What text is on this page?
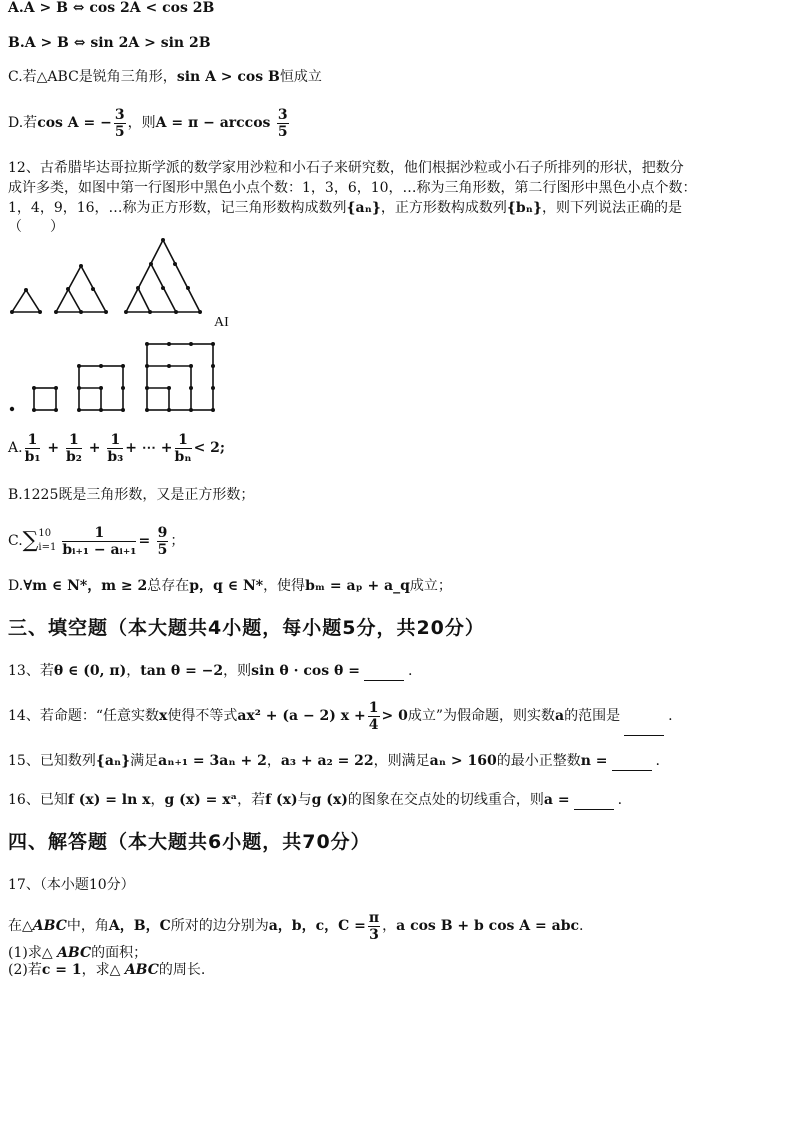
A.A > B ⇔ cos 2A < cos 2B
B.A > B ⇔ sin 2A > sin 2B
C.若△ABC是锐角三角形，sin A > cos B恒成立
D.若cos A = − $\frac{3}{5}$ ，则$A = \pi - \arccos \frac{3}{5}$
12、古希腊毕达哥拉斯学派的数学家用沙粒和小石子来研究数，他们根据沙粒或小石子所排列的形状，把数分
成许多类，如图中第一行图形中黑色小点个数：1，3，6，10，…称为三角形数，第二行图形中黑色小点个数：
1，4，9，16，…称为正方形数，记三角形数构成数列{aₙ}，正方形数构成数列{bₙ}，则下列说法正确的是
（　　）
AI
A. $\frac{1}{\text{b₁}} + \frac{1}{\text{b₂}} + \frac{1}{\text{b₃}}$ + ⋯ + $\frac{1}{\text{bₙ}} < 2$;
B.1225既是三角形数，又是正方形数；
C.∑ 10
$i=1 \frac{1}{\text{bᵢ₊₁ − aᵢ₊₁}} = \frac{9}{5}$ ；
D.∀m ∈ N*，m ≥ 2总存在p，q ∈ N*，使得bₘ = aₚ + a_q成立；
三、填空题（本大题共4小题，每小题5分，共20分）
13、若θ ∈ (0, π)，tan θ = −2，则sin θ · cos θ =	.
14、若命题：“任意实数x使得不等式ax² + (a − 2) $x + \frac{1}{4} > 0$成立”为假命题，则实数a的范围是	.
15、已知数列{aₙ}满足aₙ₊₁ = 3aₙ + 2，a₃ + a₂ = 22，则满足aₙ > 160的最小正整数n =	.
16、已知f (x) = ln x，g (x) = xᵃ，若f (x)与g (x)的图象在交点处的切线重合，则a =	.
四、解答题（本大题共6小题，共70分）
17、（本小题10分）
在△ABC中，角A，B，C所对的边分别为a，b，c，$C = \frac{\pi}{3}$ ，a cos B + b cos A = abc.
(1)求△ ABC的面积；
(2)若c = 1，求△ ABC的周长.
